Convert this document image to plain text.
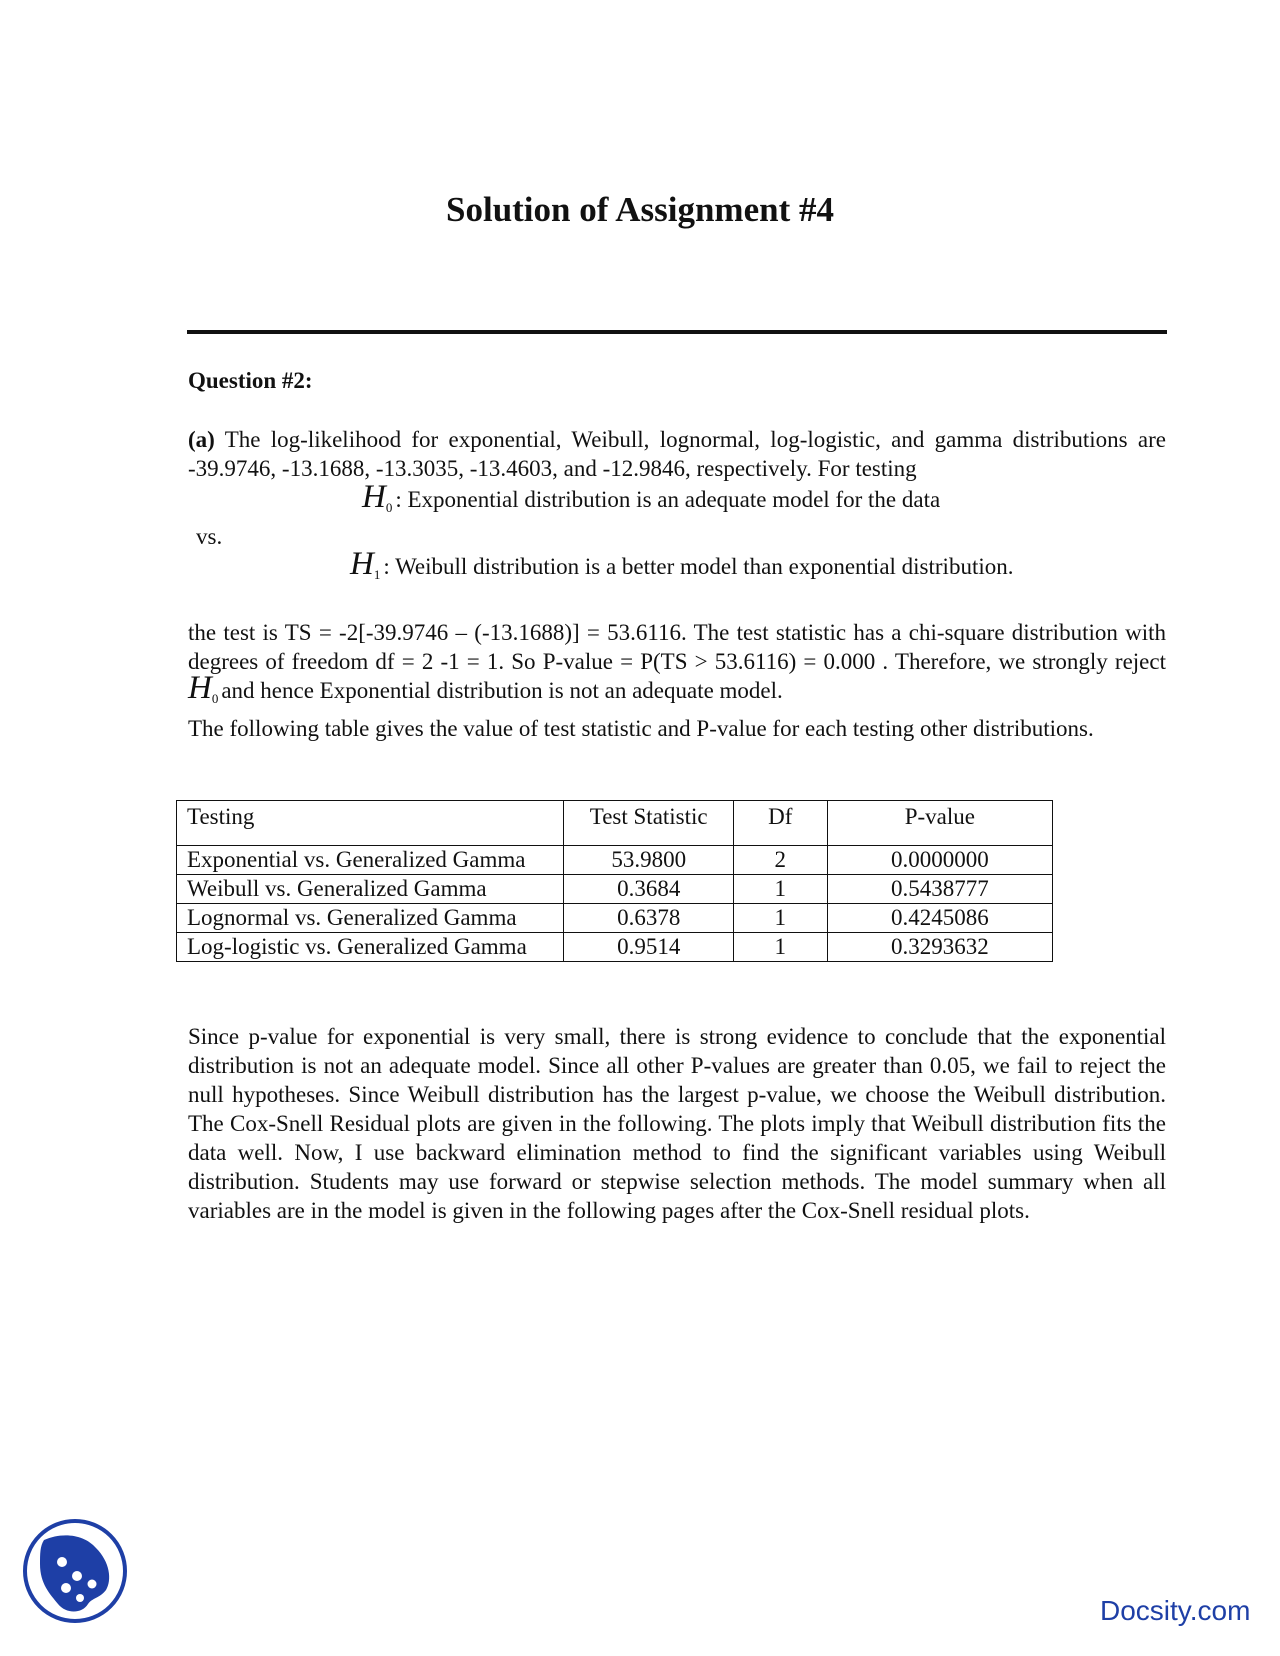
Solution of Assignment #4

Question #2:

(a) The log-likelihood for exponential, Weibull, lognormal, log-logistic, and gamma distributions are -39.9746, -13.1688, -13.3035, -13.4603, and -12.9846, respectively. For testing

$H_0$ : Exponential distribution is an adequate model for the data
vs.
$H_1$ : Weibull distribution is a better model than exponential distribution.

the test is TS = -2[-39.9746 – (-13.1688)] = 53.6116. The test statistic has a chi-square distribution with degrees of freedom df = 2 -1 = 1. So P-value = P(TS > 53.6116) = 0.000 . Therefore, we strongly reject $H_0$ and hence Exponential distribution is not an adequate model.

The following table gives the value of test statistic and P-value for each testing other distributions.

Testing	Test Statistic	Df	P-value
Exponential vs. Generalized Gamma	53.9800	2	0.0000000
Weibull vs. Generalized Gamma	0.3684	1	0.5438777
Lognormal vs. Generalized Gamma	0.6378	1	0.4245086
Log-logistic vs. Generalized Gamma	0.9514	1	0.3293632

Since p-value for exponential is very small, there is strong evidence to conclude that the exponential distribution is not an adequate model. Since all other P-values are greater than 0.05, we fail to reject the null hypotheses. Since Weibull distribution has the largest p-value, we choose the Weibull distribution. The Cox-Snell Residual plots are given in the following. The plots imply that Weibull distribution fits the data well. Now, I use backward elimination method to find the significant variables using Weibull distribution. Students may use forward or stepwise selection methods. The model summary when all variables are in the model is given in the following pages after the Cox-Snell residual plots.

Docsity.com
